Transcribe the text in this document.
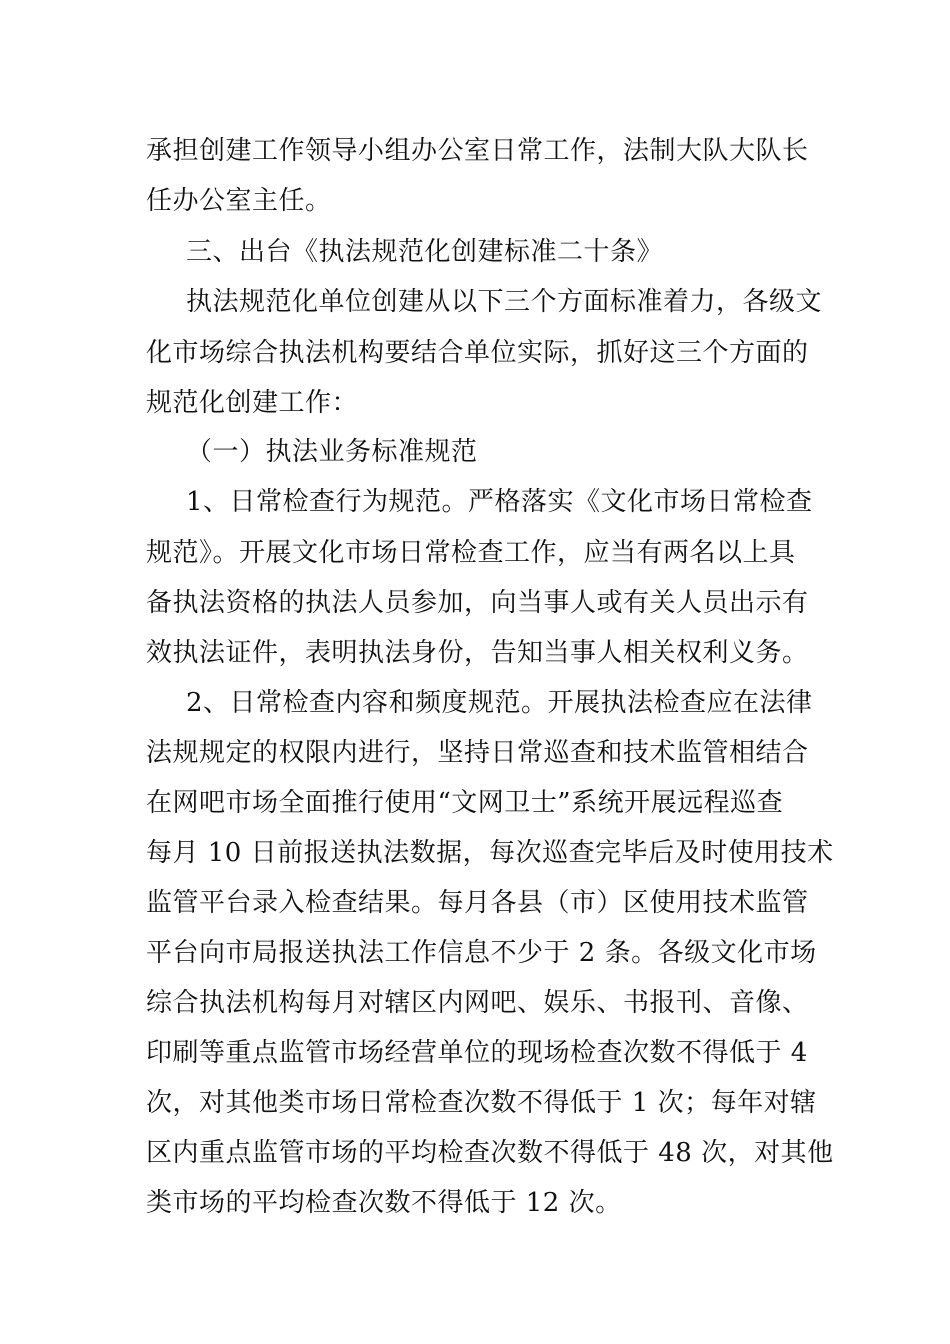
承担创建工作领导小组办公室日常工作，法制大队大队长
任办公室主任。
三、出台《执法规范化创建标准二十条》
执法规范化单位创建从以下三个方面标准着力，各级文
化市场综合执法机构要结合单位实际，抓好这三个方面的
规范化创建工作：
（一）执法业务标准规范
1、日常检查行为规范。严格落实《文化市场日常检查
规范》。开展文化市场日常检查工作，应当有两名以上具
备执法资格的执法人员参加，向当事人或有关人员出示有
效执法证件，表明执法身份，告知当事人相关权利义务。
2、日常检查内容和频度规范。开展执法检查应在法律
法规规定的权限内进行，坚持日常巡查和技术监管相结合
在网吧市场全面推行使用“文网卫士”系统开展远程巡查
每月 10 日前报送执法数据，每次巡查完毕后及时使用技术
监管平台录入检查结果。每月各县（市）区使用技术监管
平台向市局报送执法工作信息不少于 2 条。各级文化市场
综合执法机构每月对辖区内网吧、娱乐、书报刊、音像、
印刷等重点监管市场经营单位的现场检查次数不得低于 4
次，对其他类市场日常检查次数不得低于 1 次；每年对辖
区内重点监管市场的平均检查次数不得低于 48 次，对其他
类市场的平均检查次数不得低于 12 次。
